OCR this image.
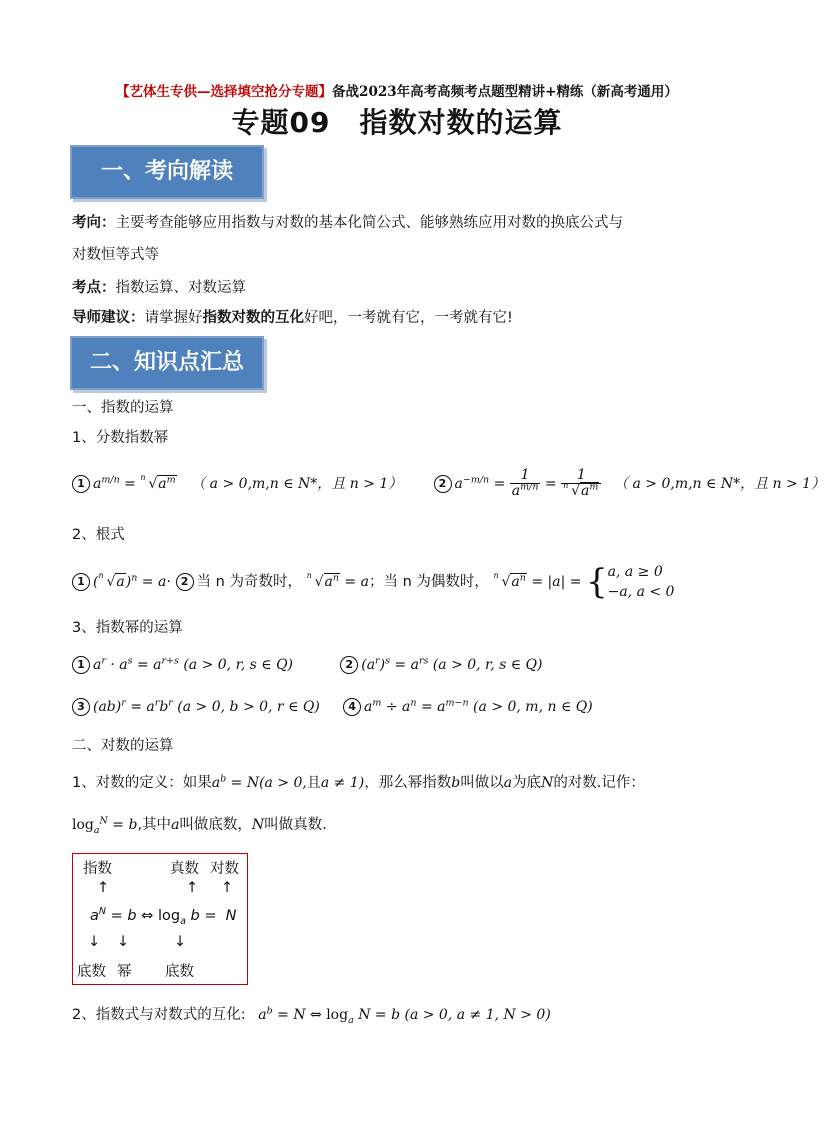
【艺体生专供—选择填空抢分专题】备战2023年高考高频考点题型精讲+精练（新高考通用）
专题09　指数对数的运算
一、考向解读
考向：主要考查能够应用指数与对数的基本化简公式、能够熟练应用对数的换底公式与
对数恒等式等
考点：指数运算、对数运算
导师建议：请掌握好指数对数的互化好吧，一考就有它，一考就有它!
二、知识点汇总
一、指数的运算
1、分数指数幂
1 $a^{m/n} = n$ $√a^m$ （ a > 0,m,n ∈ N*，且 n > 1）	2 $a^{-m/n} = \frac{1}{a^{m/n}} = \frac{1}{n √a^m}$ （ a > 0,m,n ∈ N*，且 n > 1）
2、根式
1 ( n √a)$^n$ = a· 2 当 n 为奇数时， n $√a^n = a$；当 n 为偶数时， n $√a^n = |a|$ = { a, a ≥ 0
−a, a < 0
3、指数幂的运算
1 $a^r \cdot a^s = a^{r+s}$ (a > 0, r, s ∈ Q)	2 $(a^r)^s = a^{rs}$ (a > 0, r, s ∈ Q)
3 $(ab)^r = a^rb^r$ (a > 0, b > 0, r ∈ Q)	4 $a^m \div a^n = a^{m-n}$ (a > 0, m, n ∈ Q)
二、对数的运算
1、对数的定义：如果$a^b = N(a > 0$,且a ≠ 1)，那么幂指数b叫做以a为底N的对数.记作：
$\log_a^N = b$,其中a叫做底数，N叫做真数.
指数	真数 对数
↑	↑ ↑
$a^N = b$ ⇔ $\log_a b = N$
↓ ↓	↓
底数 幂 底数
2、指数式与对数式的互化: $a^b = N$ ⇔ $\log_a N = b$ (a > 0, a ≠ 1, N > 0)
